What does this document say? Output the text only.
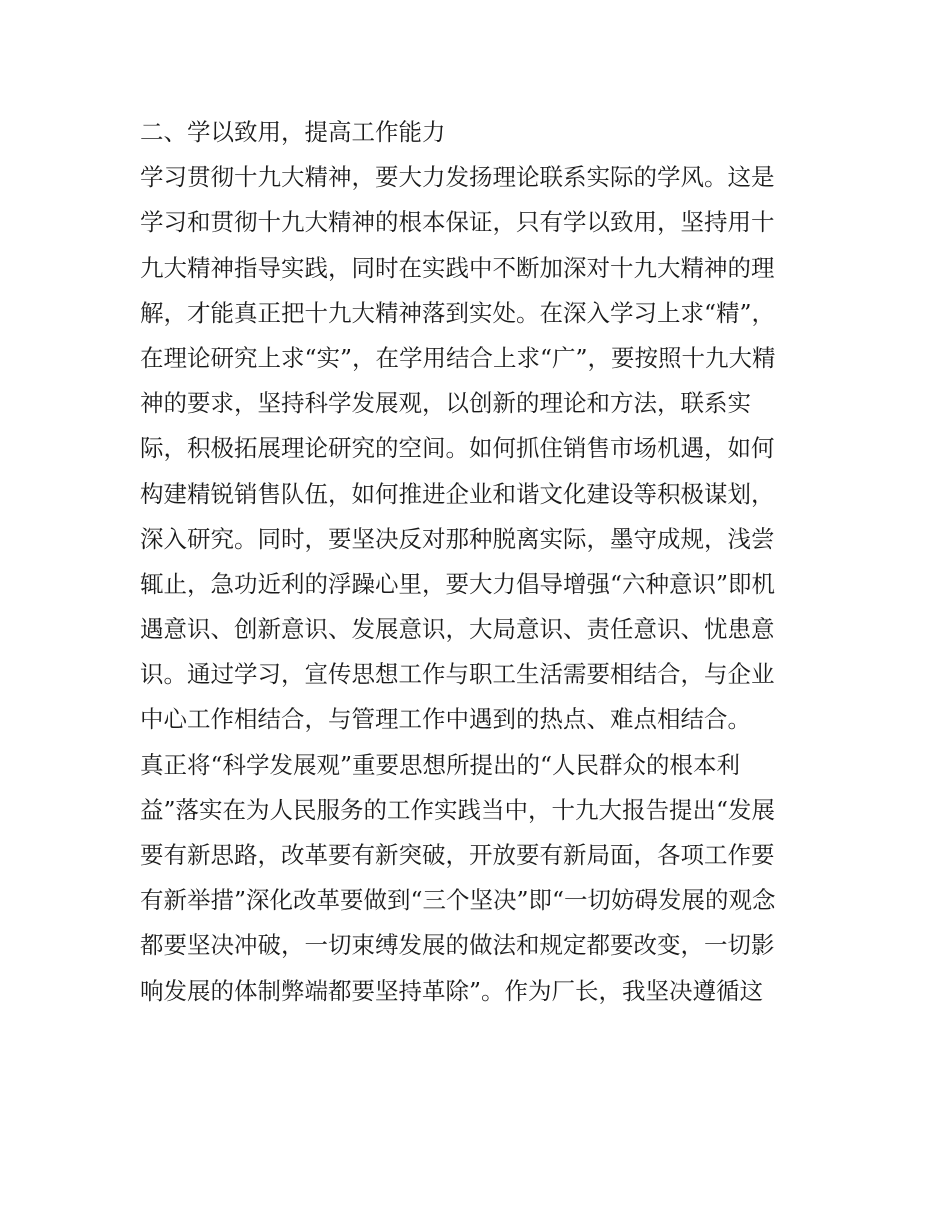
二、学以致用，提高工作能力
学习贯彻十九大精神，要大力发扬理论联系实际的学风。这是
学习和贯彻十九大精神的根本保证，只有学以致用，坚持用十
九大精神指导实践，同时在实践中不断加深对十九大精神的理
解，才能真正把十九大精神落到实处。在深入学习上求“精”，
在理论研究上求“实”，在学用结合上求“广”，要按照十九大精
神的要求，坚持科学发展观，以创新的理论和方法，联系实
际，积极拓展理论研究的空间。如何抓住销售市场机遇，如何
构建精锐销售队伍，如何推进企业和谐文化建设等积极谋划，
深入研究。同时，要坚决反对那种脱离实际，墨守成规，浅尝
辄止，急功近利的浮躁心里，要大力倡导增强“六种意识”即机
遇意识、创新意识、发展意识，大局意识、责任意识、忧患意
识。通过学习，宣传思想工作与职工生活需要相结合，与企业
中心工作相结合，与管理工作中遇到的热点、难点相结合。
真正将“科学发展观”重要思想所提出的“人民群众的根本利
益”落实在为人民服务的工作实践当中，十九大报告提出“发展
要有新思路，改革要有新突破，开放要有新局面，各项工作要
有新举措”深化改革要做到“三个坚决”即“一切妨碍发展的观念
都要坚决冲破，一切束缚发展的做法和规定都要改变，一切影
响发展的体制弊端都要坚持革除”。作为厂长，我坚决遵循这
